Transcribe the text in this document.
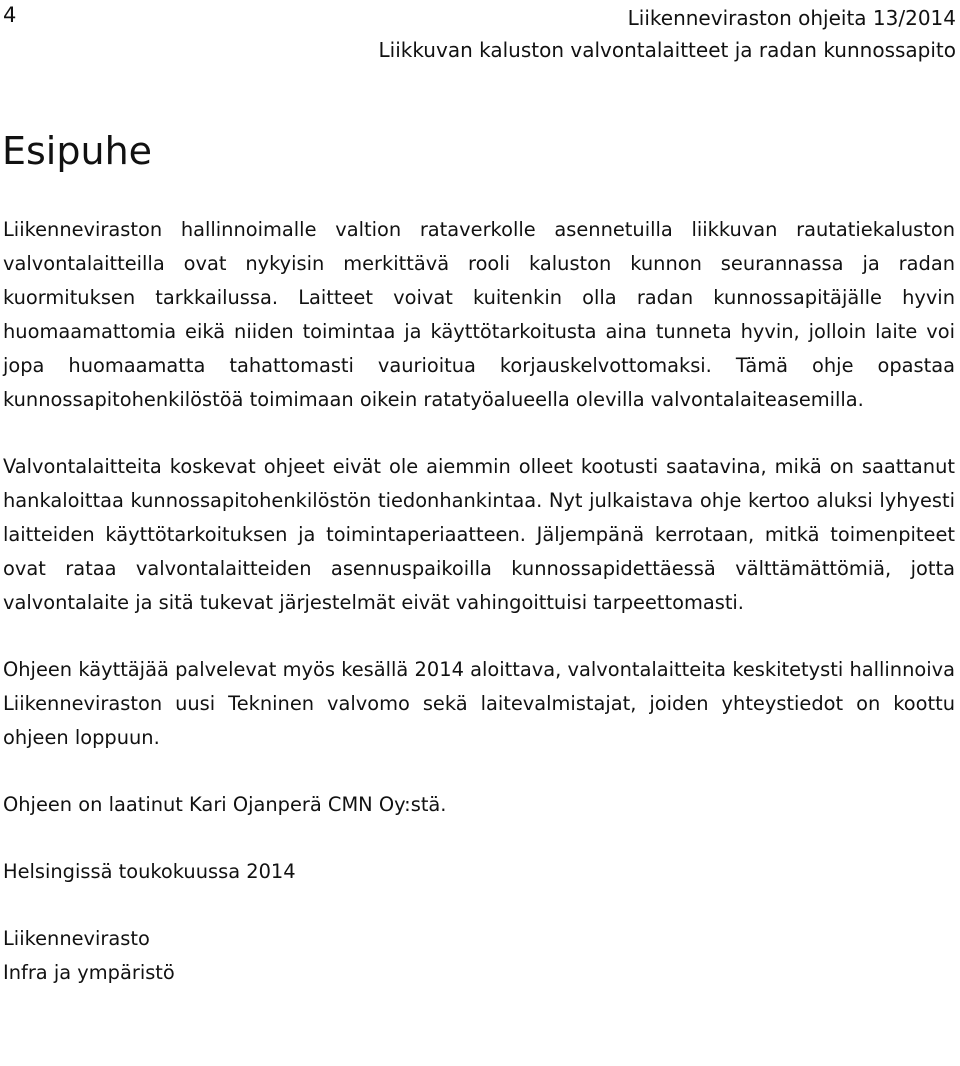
4	Liikenneviraston ohjeita 13/2014
Liikkuvan kaluston valvontalaitteet ja radan kunnossapito
Esipuhe

Liikenneviraston hallinnoimalle valtion rataverkolle asennetuilla liikkuvan rautatiekaluston valvontalaitteilla ovat nykyisin merkittävä rooli kaluston kunnon seurannassa ja radan kuormituksen tarkkailussa. Laitteet voivat kuitenkin olla radan kunnossapitäjälle hyvin huomaamattomia eikä niiden toimintaa ja käyttötarkoitusta aina tunneta hyvin, jolloin laite voi jopa huomaamatta tahattomasti vaurioitua korjauskelvottomaksi. Tämä ohje opastaa kunnossapitohenkilöstöä toimimaan oikein ratatyöalueella olevilla valvontalaiteasemilla.

Valvontalaitteita koskevat ohjeet eivät ole aiemmin olleet kootusti saatavina, mikä on saattanut hankaloittaa kunnossapitohenkilöstön tiedonhankintaa. Nyt julkaistava ohje kertoo aluksi lyhyesti laitteiden käyttötarkoituksen ja toimintaperiaatteen. Jäljempänä kerrotaan, mitkä toimenpiteet ovat rataa valvontalaitteiden asennuspaikoilla kunnossapidettäessä välttämättömiä, jotta valvontalaite ja sitä tukevat järjestelmät eivät vahingoittuisi tarpeettomasti.

Ohjeen käyttäjää palvelevat myös kesällä 2014 aloittava, valvontalaitteita keskitetysti hallinnoiva Liikenneviraston uusi Tekninen valvomo sekä laitevalmistajat, joiden yhteystiedot on koottu ohjeen loppuun.

Ohjeen on laatinut Kari Ojanperä CMN Oy:stä.

Helsingissä toukokuussa 2014

Liikennevirasto

Infra ja ympäristö
